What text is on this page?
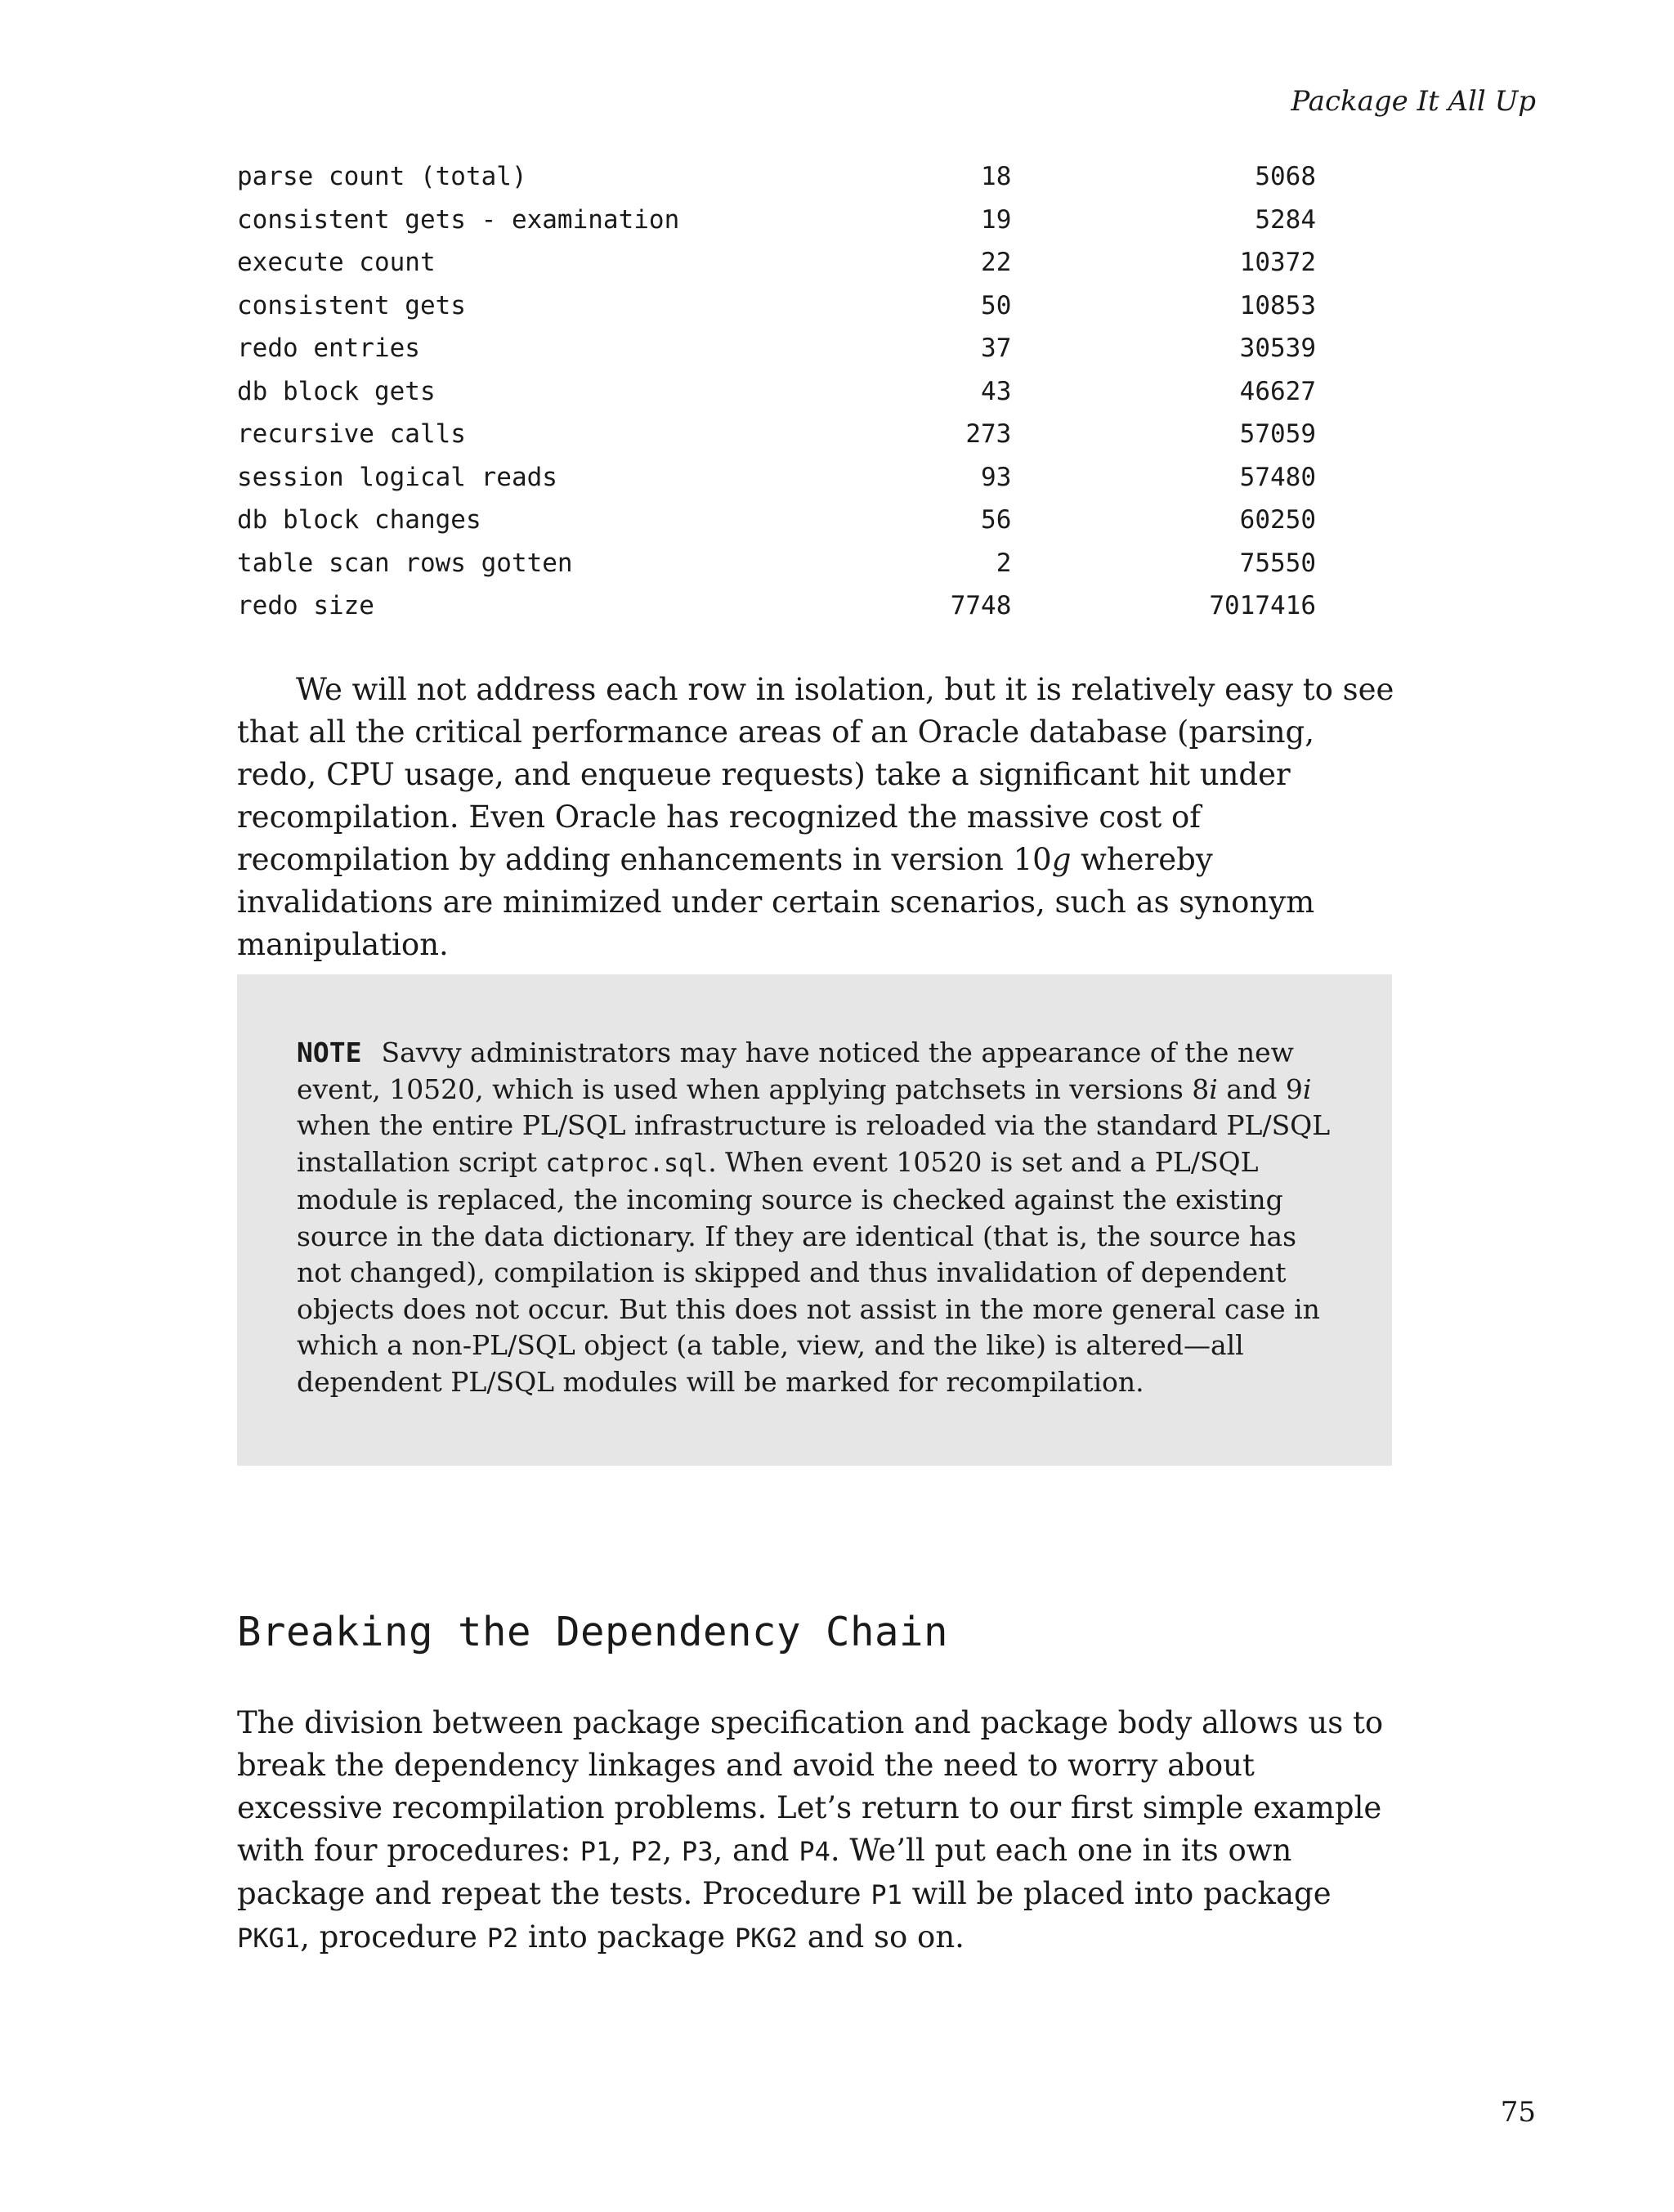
Package It All Up
parse count (total)	18	5068
consistent gets - examination	19	5284
execute count	22	10372
consistent gets	50	10853
redo entries	37	30539
db block gets	43	46627
recursive calls	273	57059
session logical reads	93	57480
db block changes	56	60250
table scan rows gotten	2	75550
redo size	7748	7017416

We will not address each row in isolation, but it is relatively easy to see that all the critical performance areas of an Oracle database (parsing, redo, CPU usage, and enqueue requests) take a significant hit under recompilation. Even Oracle has recognized the massive cost of recompilation by adding enhancements in version 10g whereby invalidations are minimized under certain scenarios, such as synonym manipulation.

NOTE Savvy administrators may have noticed the appearance of the new event, 10520, which is used when applying patchsets in versions 8i and 9i when the entire PL/SQL infrastructure is reloaded via the standard PL/SQL installation script catproc.sql. When event 10520 is set and a PL/SQL module is replaced, the incoming source is checked against the existing source in the data dictionary. If they are identical (that is, the source has not changed), compilation is skipped and thus invalidation of dependent objects does not occur. But this does not assist in the more general case in which a non-PL/SQL object (a table, view, and the like) is altered—all dependent PL/SQL modules will be marked for recompilation.

Breaking the Dependency Chain

The division between package specification and package body allows us to break the dependency linkages and avoid the need to worry about excessive recompilation problems. Let’s return to our first simple example with four procedures: P1, P2, P3, and P4. We’ll put each one in its own package and repeat the tests. Procedure P1 will be placed into package PKG1, procedure P2 into package PKG2 and so on.

75
